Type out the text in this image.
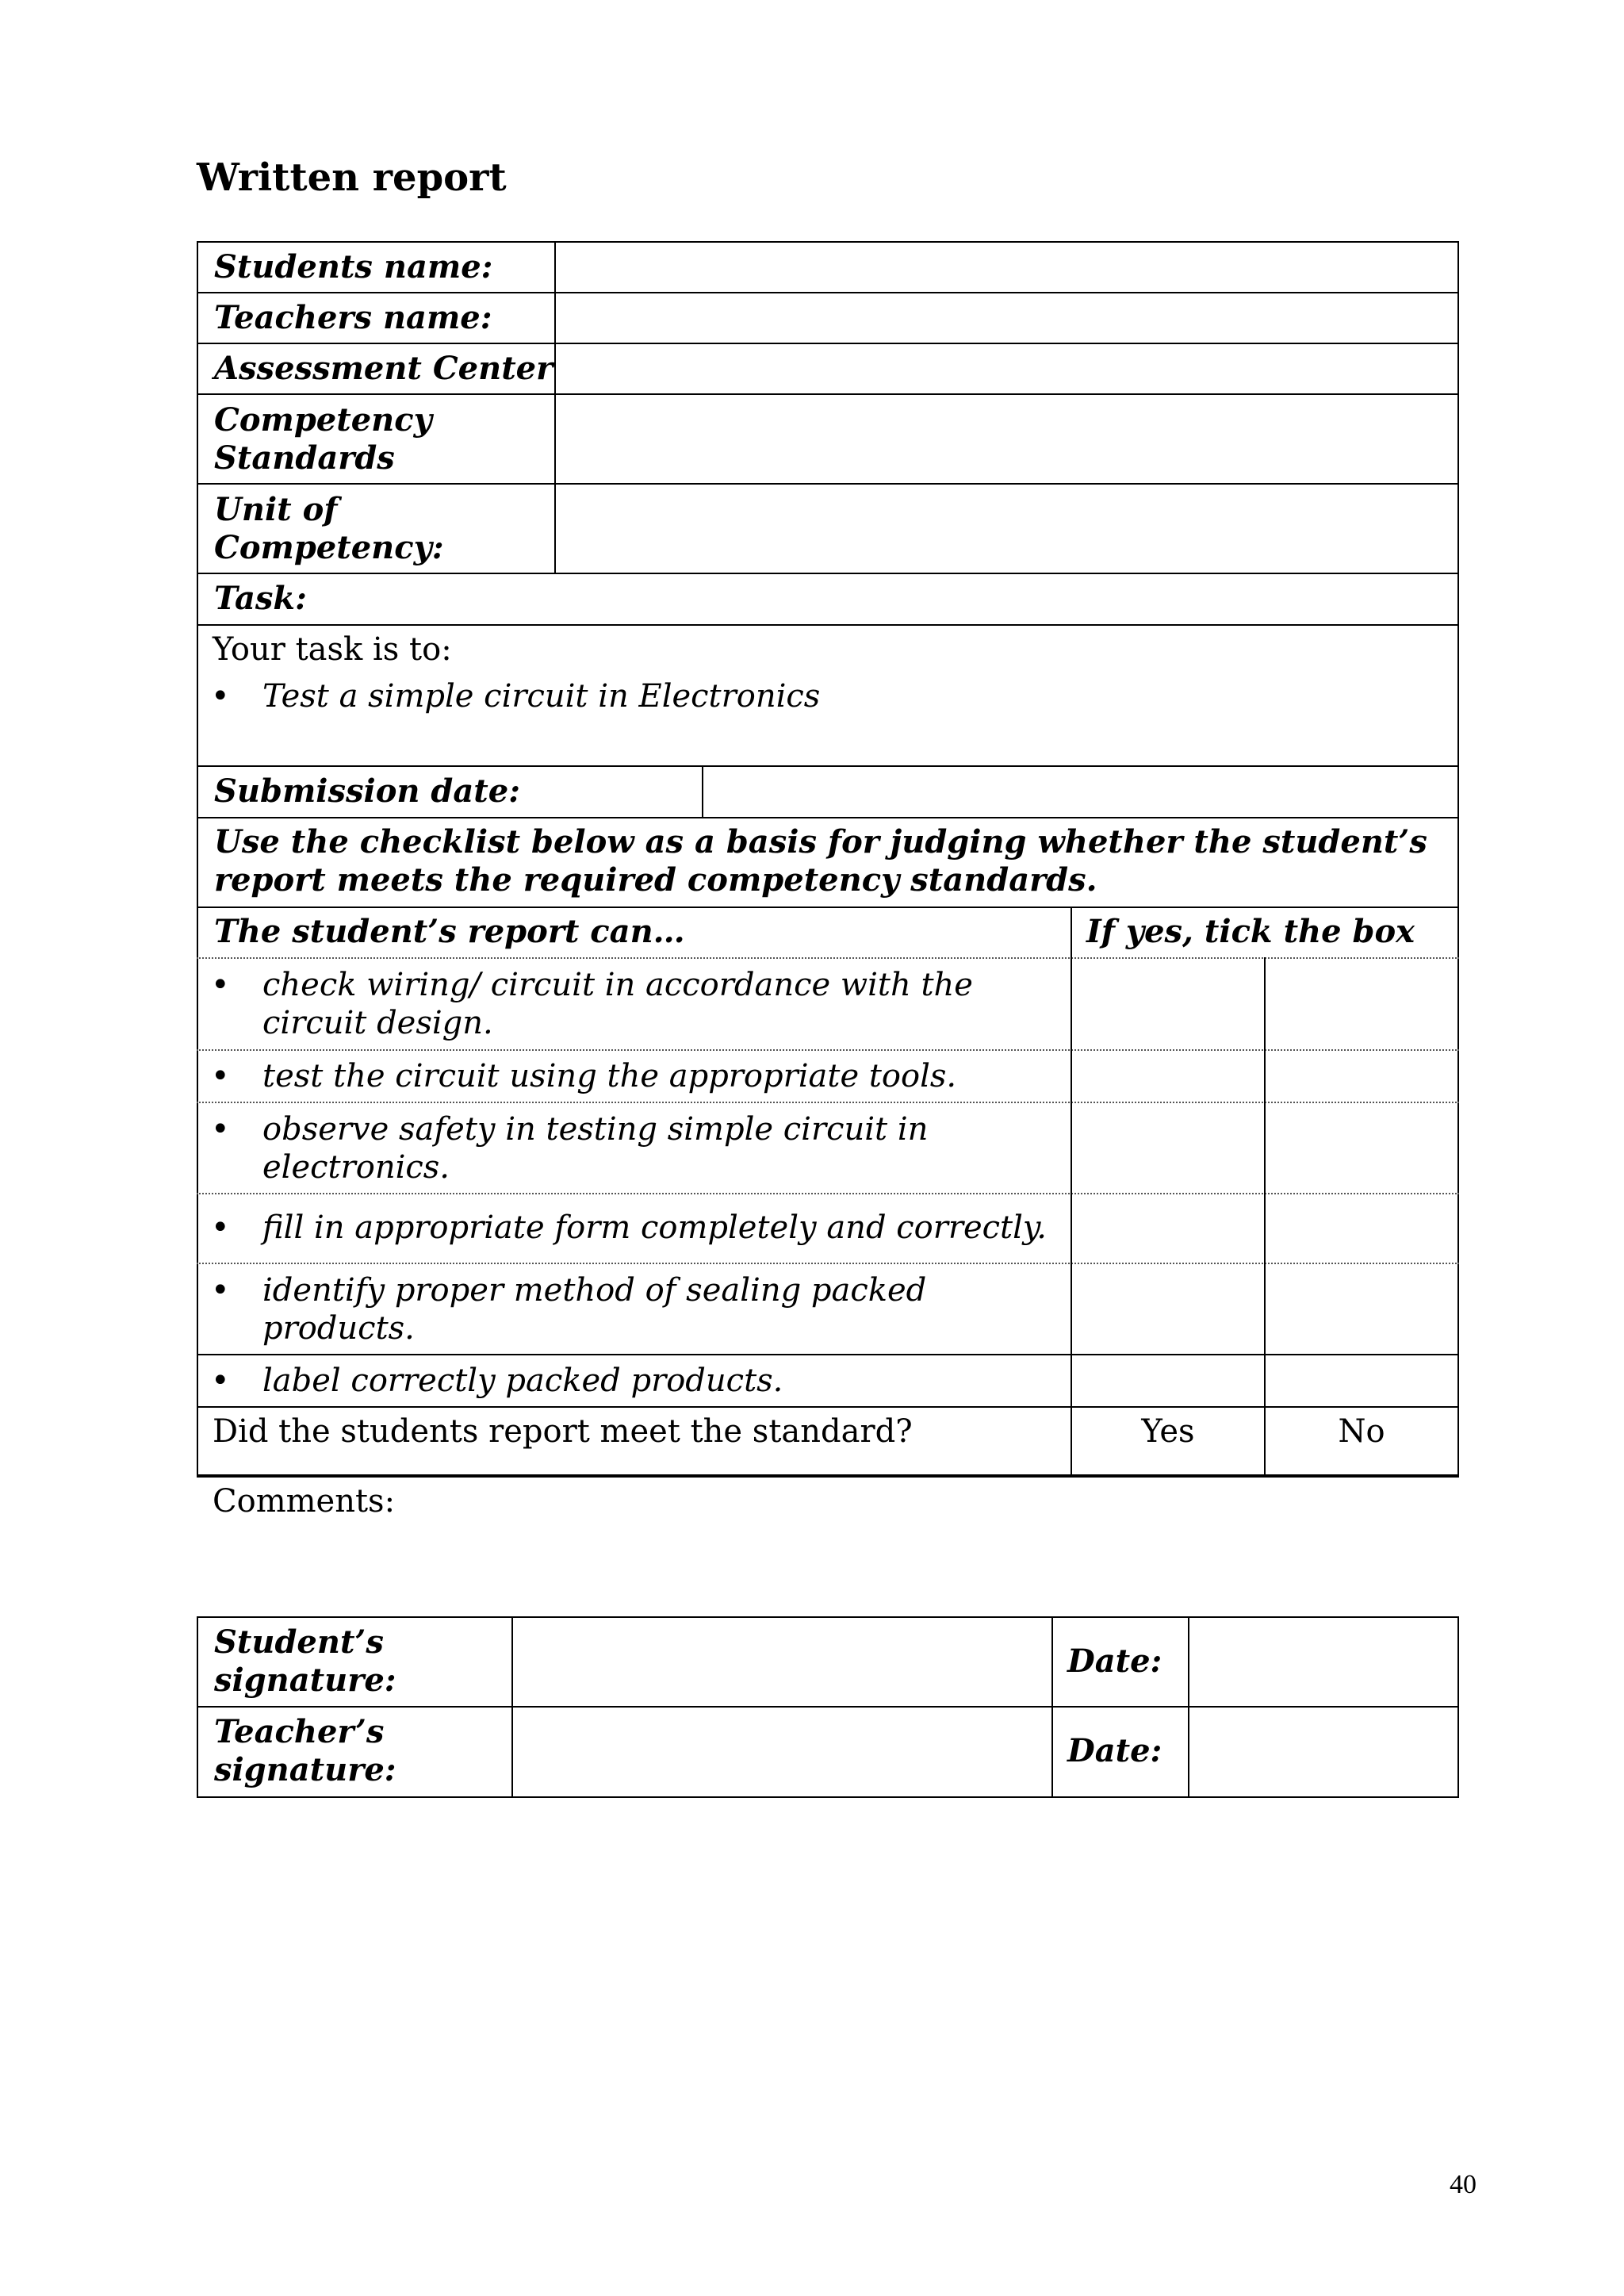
Written report
Students name:
Teachers name:
Assessment Center
Competency
Standards
Unit of
Competency:
Task:
Your task is to:
• Test a simple circuit in Electronics
Submission date:
Use the checklist below as a basis for judging whether the student’s
report meets the required competency standards.
The student’s report can…	If yes, tick the box
• check wiring/ circuit in accordance with the
circuit design.
• test the circuit using the appropriate tools.
• observe safety in testing simple circuit in
electronics.
• fill in appropriate form completely and correctly.
• identify proper method of sealing packed
products.
• label correctly packed products.
Did the students report meet the standard?	Yes	No
Comments:
Student’s
signature:
Date:
Teacher’s
signature:
Date:
40
